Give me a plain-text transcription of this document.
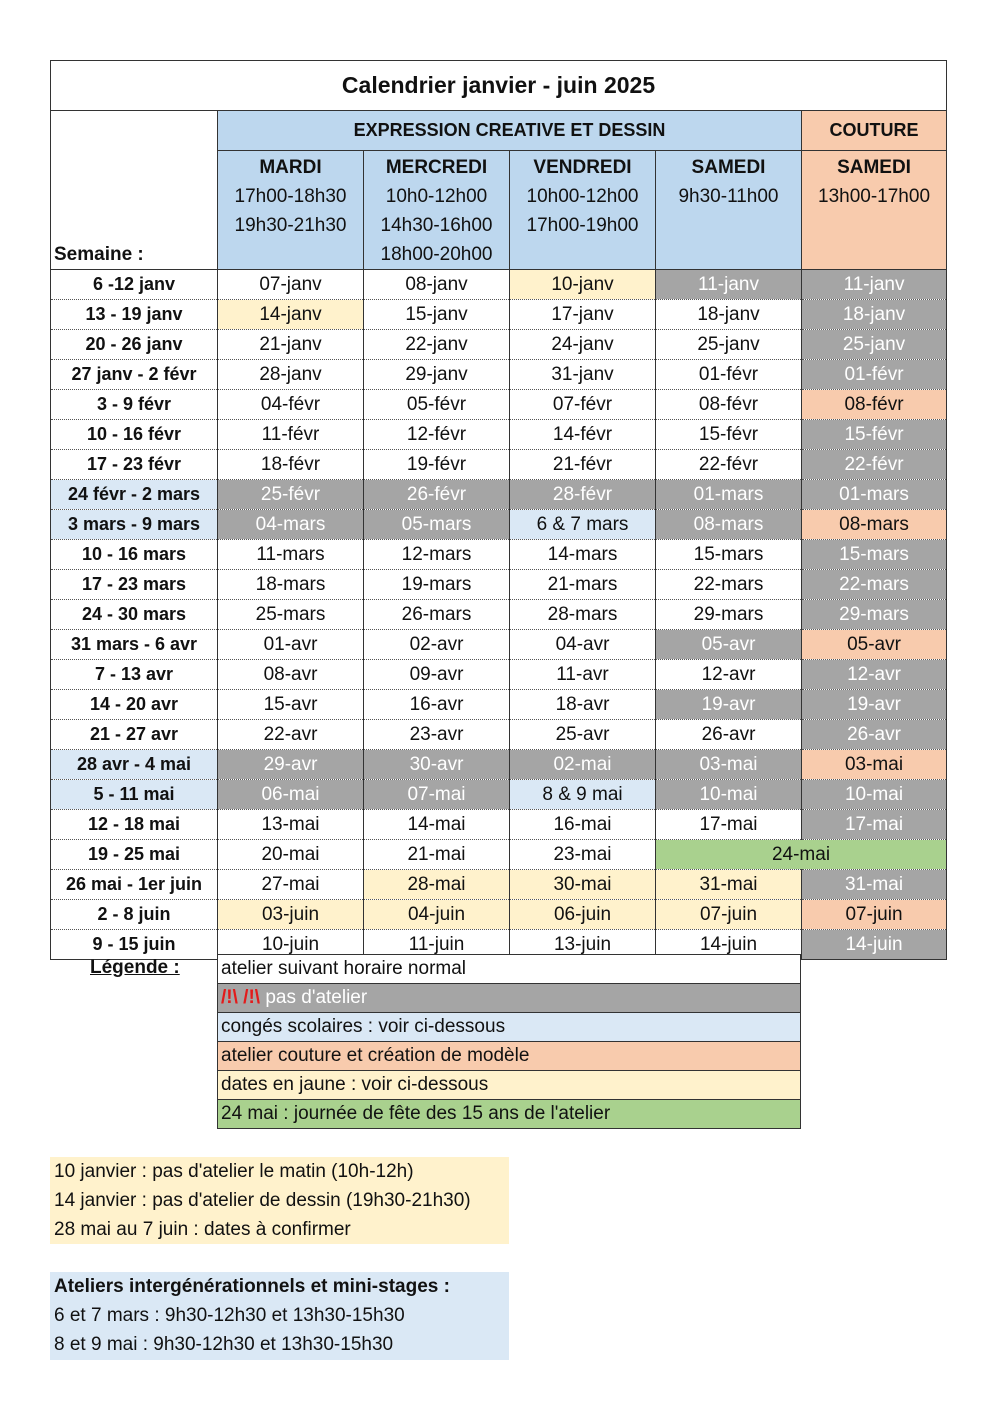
Calendrier janvier - juin 2025					
Semaine :	EXPRESSION CREATIVE ET DESSIN				COUTURE

	MARDI
17h00-18h30
19h30-21h30	MERCREDI
10h0-12h00
14h30-16h00
18h00-20h00	VENDREDI
10h00-12h00
17h00-19h00	SAMEDI
9h30-11h00	SAMEDI
13h00-17h00

6 -12 janv	07-janv	08-janv	10-janv	11-janv	11-janv
13 - 19 janv	14-janv	15-janv	17-janv	18-janv	18-janv
20 - 26 janv	21-janv	22-janv	24-janv	25-janv	25-janv
27 janv - 2 févr	28-janv	29-janv	31-janv	01-févr	01-févr
3 - 9 févr	04-févr	05-févr	07-févr	08-févr	08-févr
10 - 16 févr	11-févr	12-févr	14-févr	15-févr	15-févr
17 - 23 févr	18-févr	19-févr	21-févr	22-févr	22-févr
24 févr - 2 mars	25-févr	26-févr	28-févr	01-mars	01-mars
3 mars - 9 mars	04-mars	05-mars	6 & 7 mars	08-mars	08-mars
10 - 16 mars	11-mars	12-mars	14-mars	15-mars	15-mars
17 - 23 mars	18-mars	19-mars	21-mars	22-mars	22-mars
24 - 30 mars	25-mars	26-mars	28-mars	29-mars	29-mars
31 mars - 6 avr	01-avr	02-avr	04-avr	05-avr	05-avr
7 - 13 avr	08-avr	09-avr	11-avr	12-avr	12-avr
14 - 20 avr	15-avr	16-avr	18-avr	19-avr	19-avr
21 - 27 avr	22-avr	23-avr	25-avr	26-avr	26-avr
28 avr - 4 mai	29-avr	30-avr	02-mai	03-mai	03-mai
5 - 11 mai	06-mai	07-mai	8 & 9 mai	10-mai	10-mai
12 - 18 mai	13-mai	14-mai	16-mai	17-mai	17-mai
19 - 25 mai	20-mai	21-mai	23-mai	24-mai	
26 mai - 1er juin	27-mai	28-mai	30-mai	31-mai	31-mai
2 - 8 juin	03-juin	04-juin	06-juin	07-juin	07-juin
9 - 15 juin	10-juin	11-juin	13-juin	14-juin	14-juin
Légende : atelier suivant horaire normal
/!\ /!\ pas d'atelier
congés scolaires : voir ci-dessous
atelier couture et création de modèle
dates en jaune : voir ci-dessous
24 mai : journée de fête des 15 ans de l'atelier
10 janvier : pas d'atelier le matin (10h-12h)
14 janvier : pas d'atelier de dessin (19h30-21h30)
28 mai au 7 juin : dates à confirmer
Ateliers intergénérationnels et mini-stages :
6 et 7 mars : 9h30-12h30 et 13h30-15h30
8 et 9 mai : 9h30-12h30 et 13h30-15h30
